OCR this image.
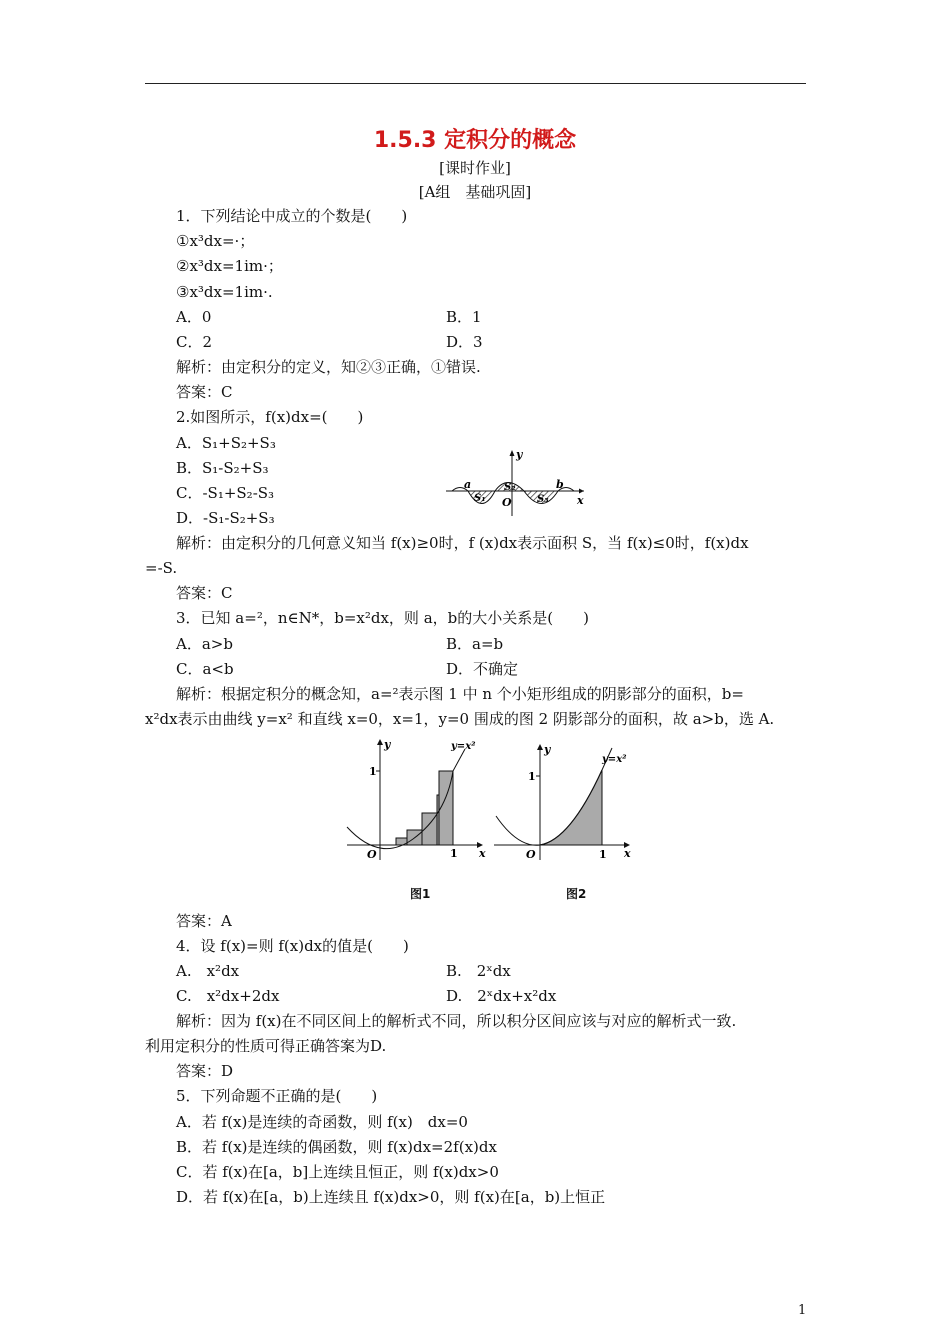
1.5.3 定积分的概念
[课时作业]
[A组　基础巩固]
1．下列结论中成立的个数是(　　)
①x³dx=·；
②x³dx=1im·；
③x³dx=1im·.
A．0	B．1
C．2	D．3
解析：由定积分的定义，知②③正确，①错误.
答案：C
2.如图所示，f(x)dx=(　　)
A．S₁+S₂+S₃
B．S₁-S₂+S₃
C．-S₁+S₂-S₃
D．-S₁-S₂+S₃
解析：由定积分的几何意义知当 f(x)≥0时，f (x)dx表示面积 S，当 f(x)≤0时，f(x)dx
=-S.
答案：C
3．已知 a=²，n∈N*，b=x²dx，则 a，b的大小关系是(　　)
A．a>b	B．a=b
C．a<b	D．不确定
解析：根据定积分的概念知，a=²表示图 1 中 n 个小矩形组成的阴影部分的面积，b=
x²dx表示由曲线 y=x² 和直线 x=0，x=1，y=0 围成的图 2 阴影部分的面积，故 a>b，选 A.
答案：A
4．设 f(x)=则 f(x)dx的值是(　　)
A.　x²dx	B.　2ˣdx
C.　x²dx+2dx	D.　2ˣdx+x²dx
解析：因为 f(x)在不同区间上的解析式不同，所以积分区间应该与对应的解析式一致.
利用定积分的性质可得正确答案为D.
答案：D
5．下列命题不正确的是(　　)
A．若 f(x)是连续的奇函数，则 f(x)　dx=0
B．若 f(x)是连续的偶函数，则 f(x)dx=2f(x)dx
C．若 f(x)在[a，b]上连续且恒正，则 f(x)dx>0
D．若 f(x)在[a，b)上连续且 f(x)dx>0，则 f(x)在[a，b)上恒正
y
a	b
O	x
S₁
S₂
S₃
y	y=x²
1
O	1 x
图1
y
y=x²
1
O	1 x
图2
1
